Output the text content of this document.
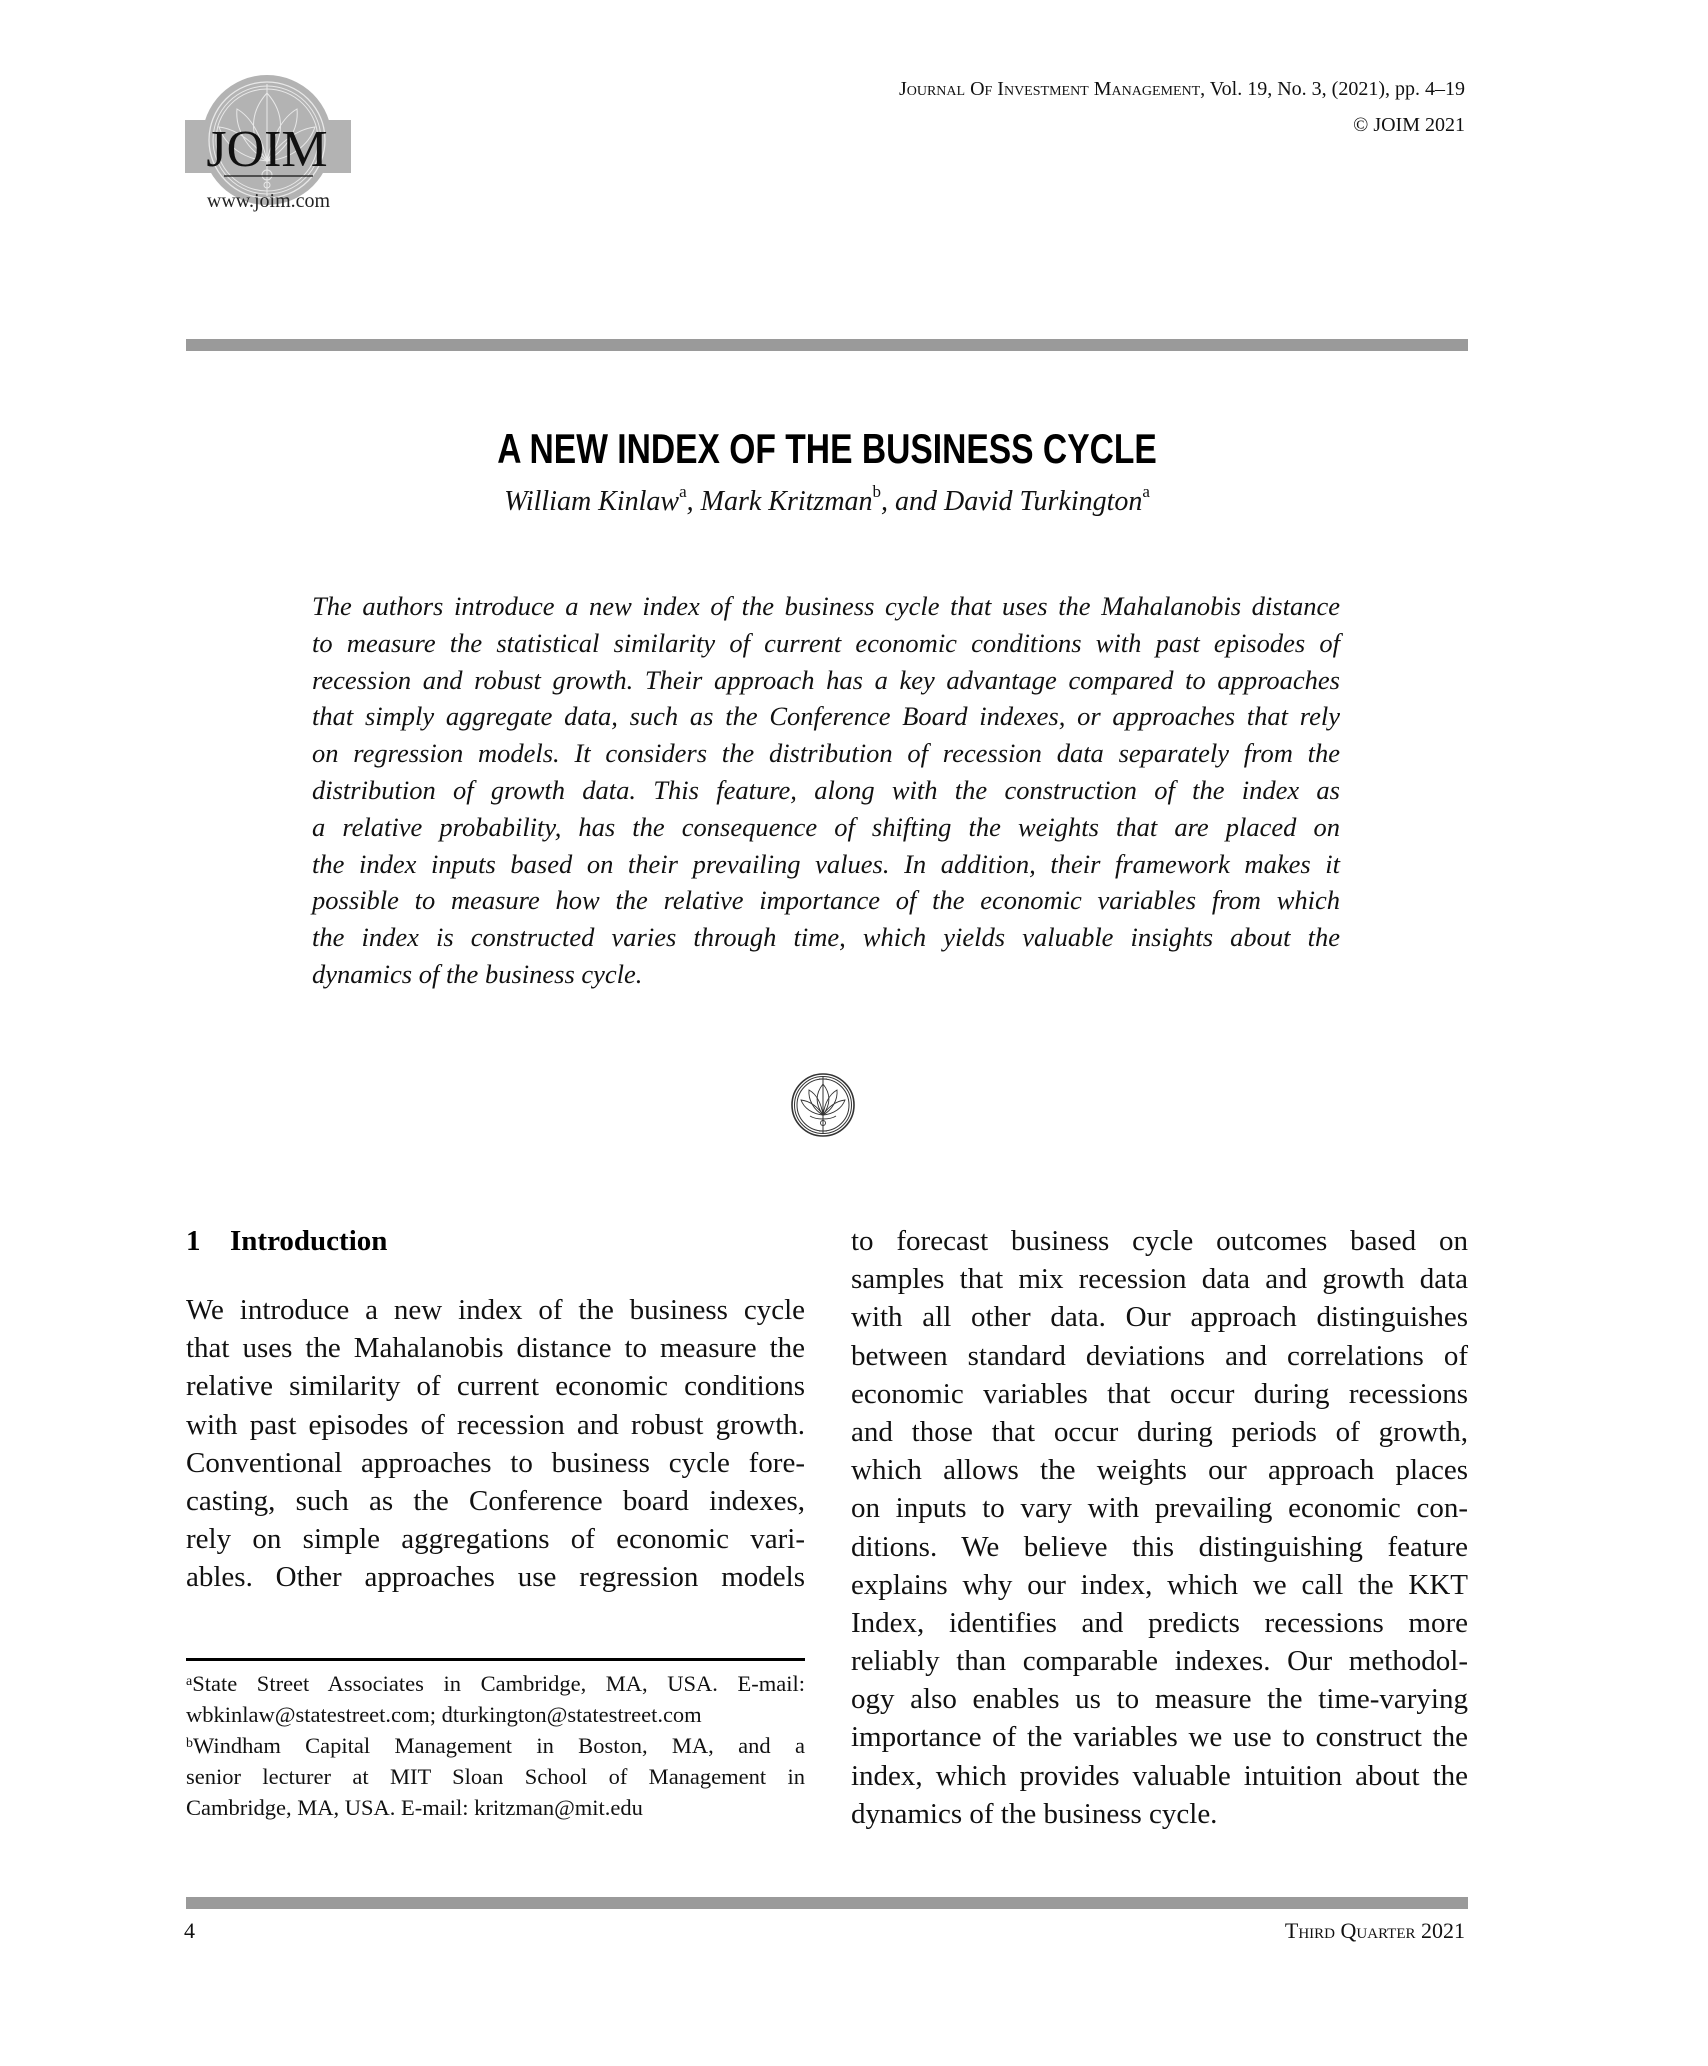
JOIM
www.joim.com
Journal Of Investment Management, Vol. 19, No. 3, (2021), pp. 4–19
© JOIM 2021
A NEW INDEX OF THE BUSINESS CYCLE
William Kinlaw$^a$, Mark Kritzman$^b$, and David Turkington$^a$
The authors introduce a new index of the business cycle that uses the Mahalanobis distance
to measure the statistical similarity of current economic conditions with past episodes of
recession and robust growth. Their approach has a key advantage compared to approaches
that simply aggregate data, such as the Conference Board indexes, or approaches that rely
on regression models. It considers the distribution of recession data separately from the
distribution of growth data. This feature, along with the construction of the index as
a relative probability, has the consequence of shifting the weights that are placed on
the index inputs based on their prevailing values. In addition, their framework makes it
possible to measure how the relative importance of the economic variables from which
the index is constructed varies through time, which yields valuable insights about the
dynamics of the business cycle.
1 Introduction
We introduce a new index of the business cycle
that uses the Mahalanobis distance to measure the
relative similarity of current economic conditions
with past episodes of recession and robust growth.
Conventional approaches to business cycle fore-
casting, such as the Conference board indexes,
rely on simple aggregations of economic vari-
ables. Other approaches use regression models
$^a$State Street Associates in Cambridge, MA, USA. E-mail:
wbkinlaw@statestreet.com; dturkington@statestreet.com
$^b$Windham Capital Management in Boston, MA, and a
senior lecturer at MIT Sloan School of Management in
Cambridge, MA, USA. E-mail: kritzman@mit.edu
to forecast business cycle outcomes based on
samples that mix recession data and growth data
with all other data. Our approach distinguishes
between standard deviations and correlations of
economic variables that occur during recessions
and those that occur during periods of growth,
which allows the weights our approach places
on inputs to vary with prevailing economic con-
ditions. We believe this distinguishing feature
explains why our index, which we call the KKT
Index, identifies and predicts recessions more
reliably than comparable indexes. Our methodol-
ogy also enables us to measure the time-varying
importance of the variables we use to construct the
index, which provides valuable intuition about the
dynamics of the business cycle.
4	Third Quarter 2021
